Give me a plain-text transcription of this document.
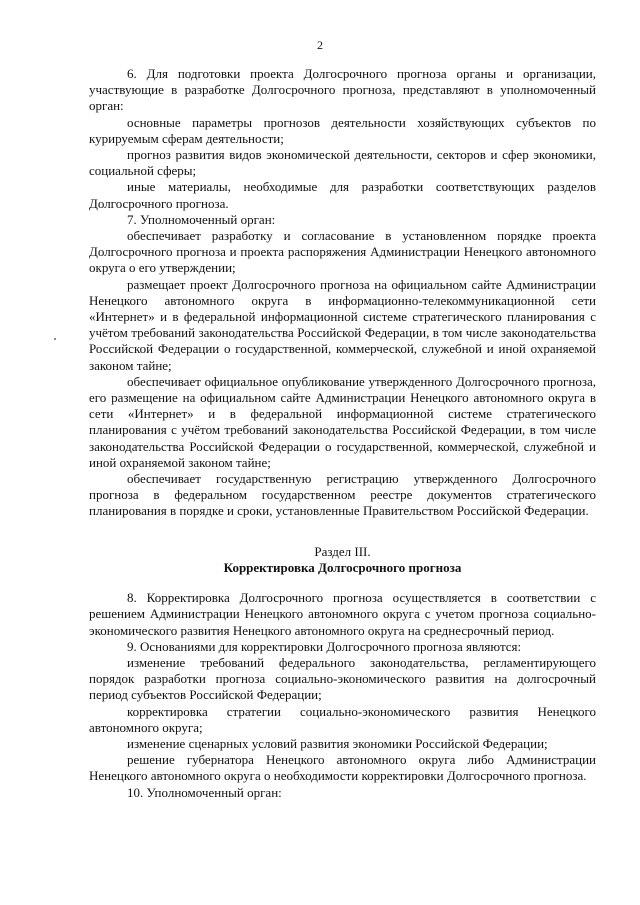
2

6. Для подготовки проекта Долгосрочного прогноза органы и организации, участвующие в разработке Долгосрочного прогноза, представляют в уполномоченный орган:

основные параметры прогнозов деятельности хозяйствующих субъектов по курируемым сферам деятельности;

прогноз развития видов экономической деятельности, секторов и сфер экономики, социальной сферы;

иные материалы, необходимые для разработки соответствующих разделов Долгосрочного прогноза.

7. Уполномоченный орган:

обеспечивает разработку и согласование в установленном порядке проекта Долгосрочного прогноза и проекта распоряжения Администрации Ненецкого автономного округа о его утверждении;

размещает проект Долгосрочного прогноза на официальном сайте Администрации Ненецкого автономного округа в информационно-телекоммуникационной сети «Интернет» и в федеральной информационной системе стратегического планирования с учётом требований законодательства Российской Федерации, в том числе законодательства Российской Федерации о государственной, коммерческой, служебной и иной охраняемой законом тайне;

обеспечивает официальное опубликование утвержденного Долгосрочного прогноза, его размещение на официальном сайте Администрации Ненецкого автономного округа в сети «Интернет» и в федеральной информационной системе стратегического планирования с учётом требований законодательства Российской Федерации, в том числе законодательства Российской Федерации о государственной, коммерческой, служебной и иной охраняемой законом тайне;

обеспечивает государственную регистрацию утвержденного Долгосрочного прогноза в федеральном государственном реестре документов стратегического планирования в порядке и сроки, установленные Правительством Российской Федерации.

Раздел III.

Корректировка Долгосрочного прогноза

8. Корректировка Долгосрочного прогноза осуществляется в соответствии с решением Администрации Ненецкого автономного округа с учетом прогноза социально-экономического развития Ненецкого автономного округа на среднесрочный период.

9. Основаниями для корректировки Долгосрочного прогноза являются:

изменение требований федерального законодательства, регламентирующего порядок разработки прогноза социально-экономического развития на долгосрочный период субъектов Российской Федерации;

корректировка стратегии социально-экономического развития Ненецкого автономного округа;

изменение сценарных условий развития экономики Российской Федерации;

решение губернатора Ненецкого автономного округа либо Администрации Ненецкого автономного округа о необходимости корректировки Долгосрочного прогноза.

10. Уполномоченный орган:
